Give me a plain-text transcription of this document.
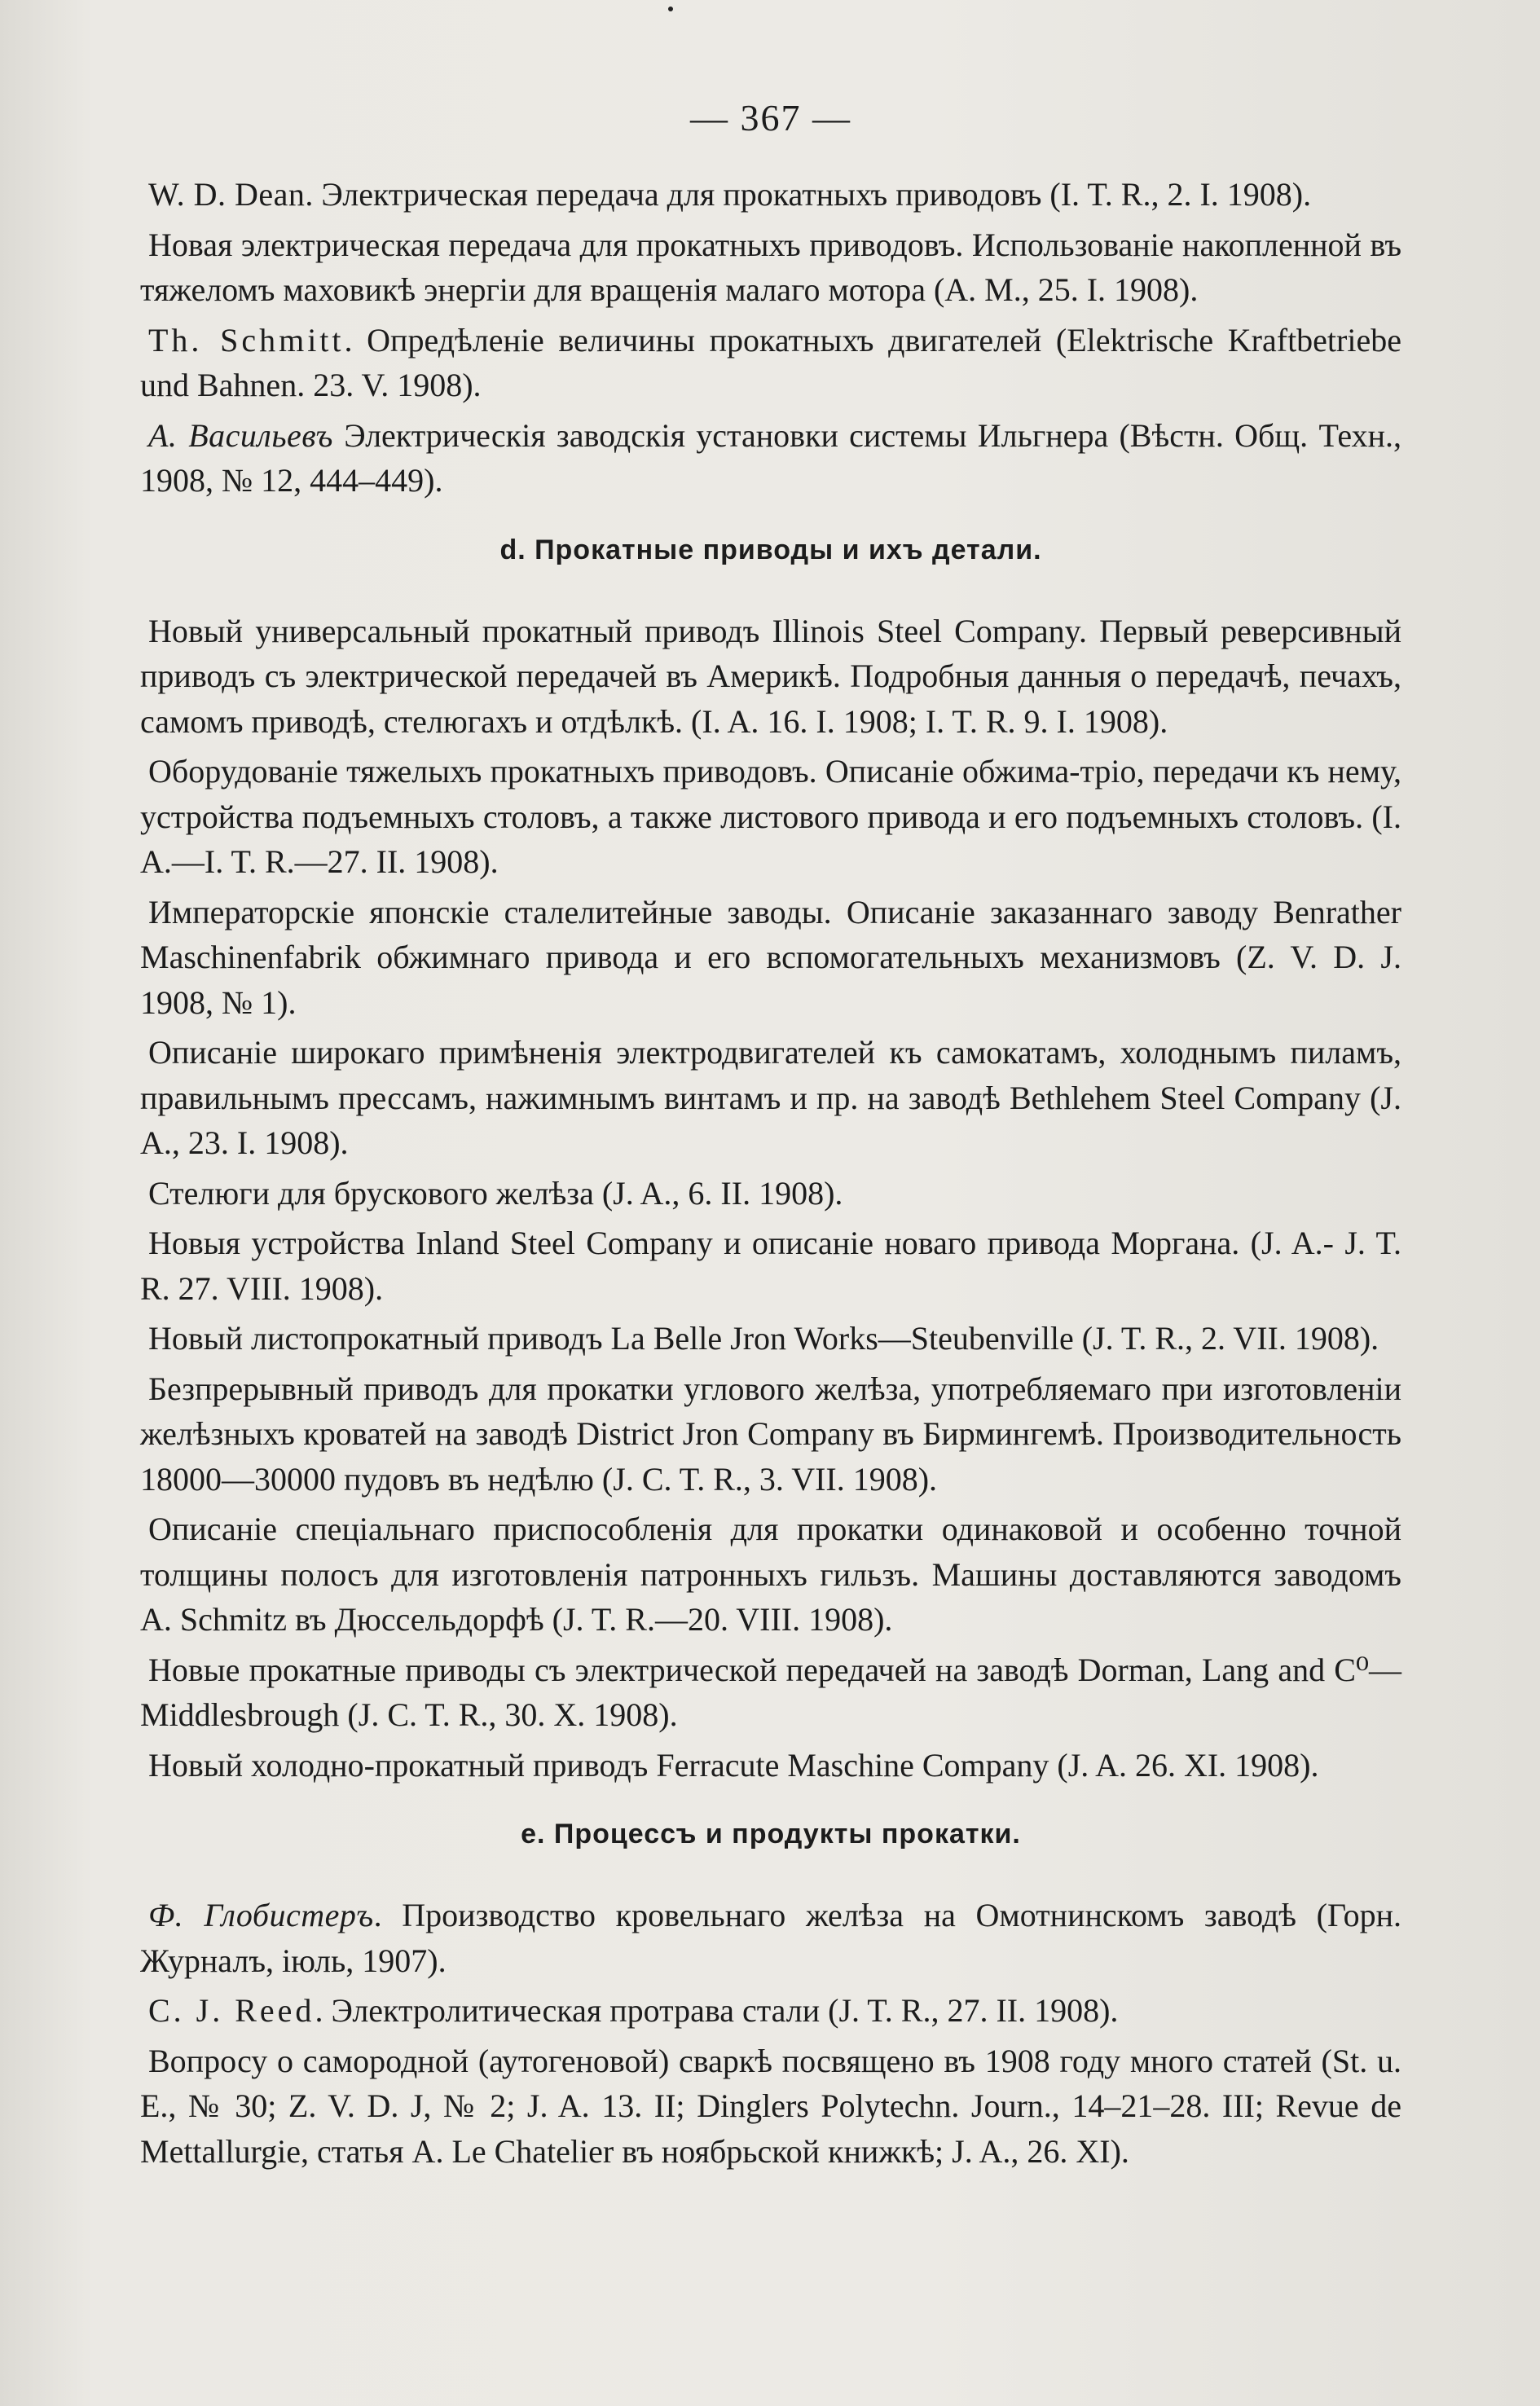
— 367 —

W. D. Dean. Электрическая передача для прокатныхъ приводовъ (I. T. R., 2. I. 1908).

Новая электрическая передача для прокатныхъ приводовъ. Использованіе накопленной въ тяжеломъ маховикѣ энергіи для вращенія малаго мотора (A. M., 25. I. 1908).

Th. Schmitt. Опредѣленіе величины прокатныхъ двигателей (Elektrische Kraftbetriebe und Bahnen. 23. V. 1908).

А. Васильевъ Электрическія заводскія установки системы Ильгнера (Вѣстн. Общ. Техн., 1908, № 12, 444–449).

d. Прокатные приводы и ихъ детали.

Новый универсальный прокатный приводъ Illinois Steel Company. Первый реверсивный приводъ съ электрической передачей въ Америкѣ. Подробныя данныя о передачѣ, печахъ, самомъ приводѣ, стелюгахъ и отдѣлкѣ. (I. A. 16. I. 1908; I. T. R. 9. I. 1908).

Оборудованіе тяжелыхъ прокатныхъ приводовъ. Описаніе обжима-тріо, передачи къ нему, устройства подъемныхъ столовъ, а также листового привода и его подъемныхъ столовъ. (I. A.—I. T. R.—27. II. 1908).

Императорскіе японскіе сталелитейные заводы. Описаніе заказаннаго заводу Benrather Maschinenfabrik обжимнаго привода и его вспомогательныхъ механизмовъ (Z. V. D. J. 1908, № 1).

Описаніе широкаго примѣненія электродвигателей къ самокатамъ, холоднымъ пиламъ, правильнымъ прессамъ, нажимнымъ винтамъ и пр. на заводѣ Bethlehem Steel Company (J. A., 23. I. 1908).

Стелюги для брускового желѣза (J. A., 6. II. 1908).

Новыя устройства Inland Steel Company и описаніе новаго привода Моргана. (J. A.- J. T. R. 27. VIII. 1908).

Новый листопрокатный приводъ La Belle Jron Works—Steubenville (J. T. R., 2. VII. 1908).

Безпрерывный приводъ для прокатки углового желѣза, употребляемаго при изготовленіи желѣзныхъ кроватей на заводѣ District Jron Company въ Бирмингемѣ. Производительность 18000—30000 пудовъ въ недѣлю (J. C. T. R., 3. VII. 1908).

Описаніе спеціальнаго приспособленія для прокатки одинаковой и особенно точной толщины полосъ для изготовленія патронныхъ гильзъ. Машины доставляются заводомъ A. Schmitz въ Дюссельдорфѣ (J. T. R.—20. VIII. 1908).

Новые прокатные приводы съ электрической передачей на заводѣ Dorman, Lang and C⁰—Middlesbrough (J. C. T. R., 30. X. 1908).

Новый холодно-прокатный приводъ Ferracute Maschine Company (J. A. 26. XI. 1908).

e. Процессъ и продукты прокатки.

Ф. Глобистеръ. Производство кровельнаго желѣза на Омотнинскомъ заводѣ (Горн. Журналъ, іюль, 1907).

C. J. Reed. Электролитическая протрава стали (J. T. R., 27. II. 1908).

Вопросу о самородной (аутогеновой) сваркѣ посвящено въ 1908 году много статей (St. u. E., № 30; Z. V. D. J, № 2; J. A. 13. II; Dinglers Polytechn. Journ., 14–21–28. III; Revue de Mettallurgie, статья A. Le Chatelier въ ноябрьской книжкѣ; J. A., 26. XI).
